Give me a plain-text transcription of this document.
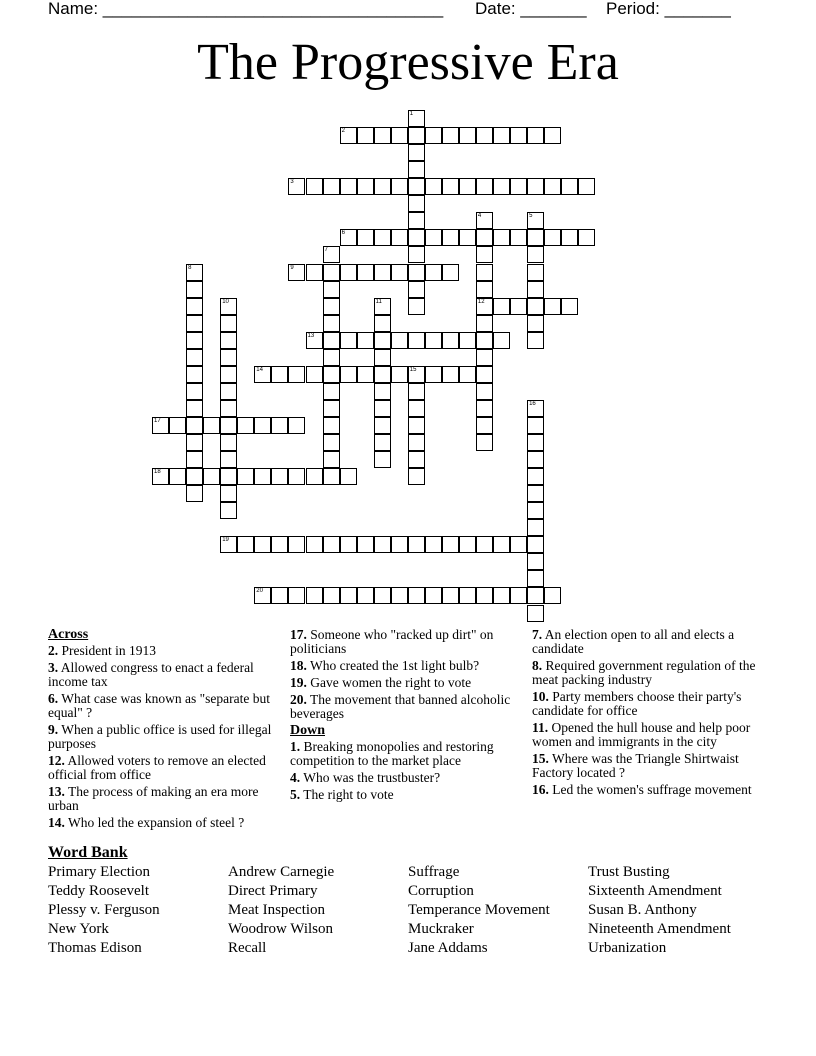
Name: ____________________________________ Date: _______ Period: _______
The Progressive Era
1
2
3
4
12
5
6
7
8	9
10	11
13
14	15
16
17
18
19
20
Across
2. President in 1913
3. Allowed congress to enact a federal income tax
6. What case was known as "separate but equal" ?
9. When a public office is used for illegal purposes
12. Allowed voters to remove an elected official from office
13. The process of making an era more urban
14. Who led the expansion of steel ?
17. Someone who "racked up dirt" on politicians
18. Who created the 1st light bulb?
19. Gave women the right to vote
20. The movement that banned alcoholic beverages
Down
1. Breaking monopolies and restoring competition to the market place
4. Who was the trustbuster?
5. The right to vote
7. An election open to all and elects a candidate
8. Required government regulation of the meat packing industry
10. Party members choose their party's candidate for office
11. Opened the hull house and help poor women and immigrants in the city
15. Where was the Triangle Shirtwaist Factory located ?
16. Led the women's suffrage movement
Word Bank
Primary Election
Teddy Roosevelt
Plessy v. Ferguson
New York
Thomas Edison
Andrew Carnegie
Direct Primary
Meat Inspection
Woodrow Wilson
Recall
Suffrage
Corruption
Temperance Movement
Muckraker
Jane Addams
Trust Busting
Sixteenth Amendment
Susan B. Anthony
Nineteenth Amendment
Urbanization
